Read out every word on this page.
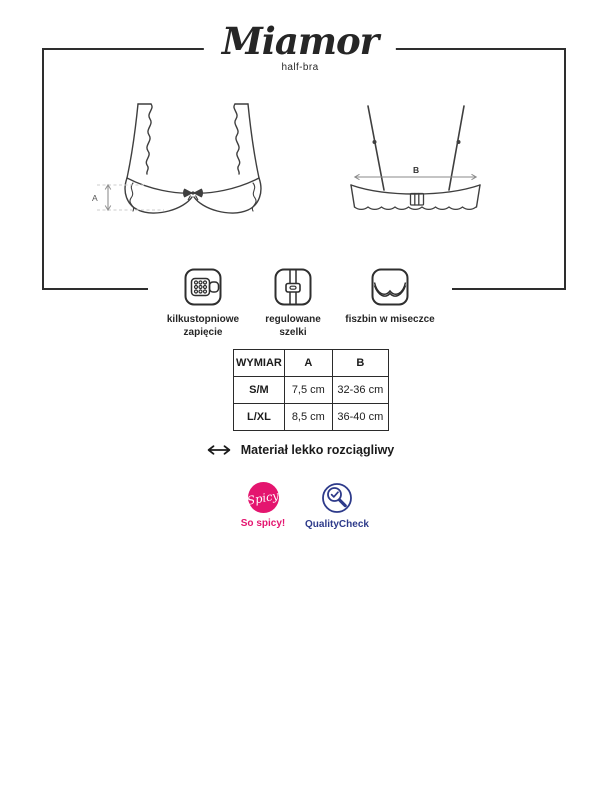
Miamor
half-bra
A
B
kilkustopniowe zapięcie
regulowane szelki
fiszbin w miseczce
WYMIAR	A	B
S/M	7,5 cm	32-36 cm
L/XL	8,5 cm	36-40 cm
Materiał lekko rozciągliwy
Spicy
So spicy! QualityCheck
